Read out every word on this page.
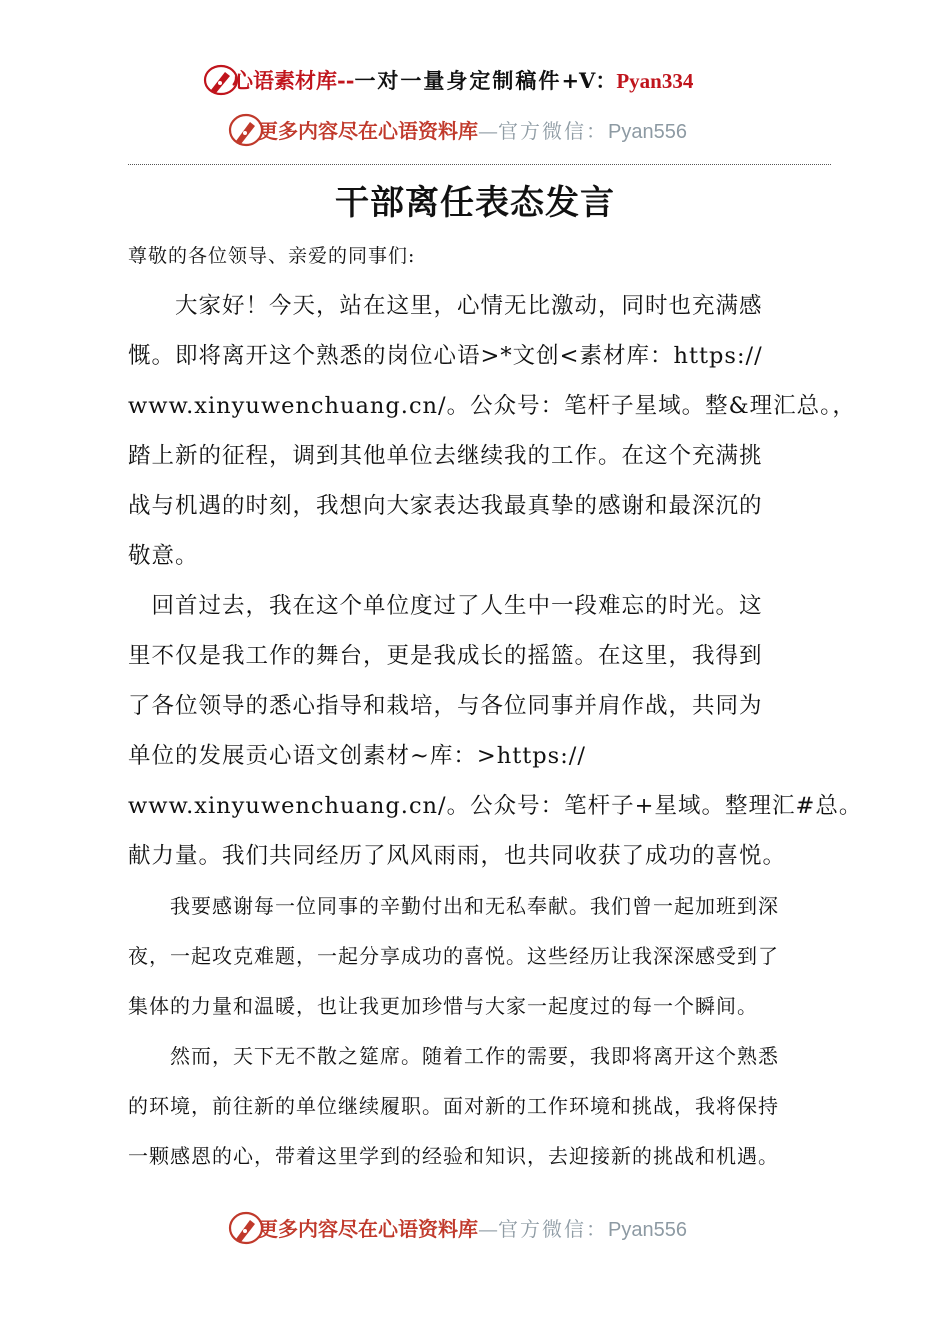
心语素材库--一对一量身定制稿件+V：Pyan334
更多内容尽在心语资料库—官方微信：Pyan556
干部离任表态发言
尊敬的各位领导、亲爱的同事们:
　　大家好！今天，站在这里，心情无比激动，同时也充满感
慨。即将离开这个熟悉的岗位心语>*文创<素材库：https://
www.xinyuwenchuang.cn/。公众号：笔杆子星域。整&理汇总。，
踏上新的征程，调到其他单位去继续我的工作。在这个充满挑
战与机遇的时刻，我想向大家表达我最真挚的感谢和最深沉的
敬意。
　回首过去，我在这个单位度过了人生中一段难忘的时光。这
里不仅是我工作的舞台，更是我成长的摇篮。在这里，我得到
了各位领导的悉心指导和栽培，与各位同事并肩作战，共同为
单位的发展贡心语文创素材~库：>https://
www.xinyuwenchuang.cn/。公众号：笔杆子+星域。整理汇#总。
献力量。我们共同经历了风风雨雨，也共同收获了成功的喜悦。
　　我要感谢每一位同事的辛勤付出和无私奉献。我们曾一起加班到深
夜，一起攻克难题，一起分享成功的喜悦。这些经历让我深深感受到了
集体的力量和温暖，也让我更加珍惜与大家一起度过的每一个瞬间。
　　然而，天下无不散之筵席。随着工作的需要，我即将离开这个熟悉
的环境，前往新的单位继续履职。面对新的工作环境和挑战，我将保持
一颗感恩的心，带着这里学到的经验和知识，去迎接新的挑战和机遇。
更多内容尽在心语资料库—官方微信：Pyan556
